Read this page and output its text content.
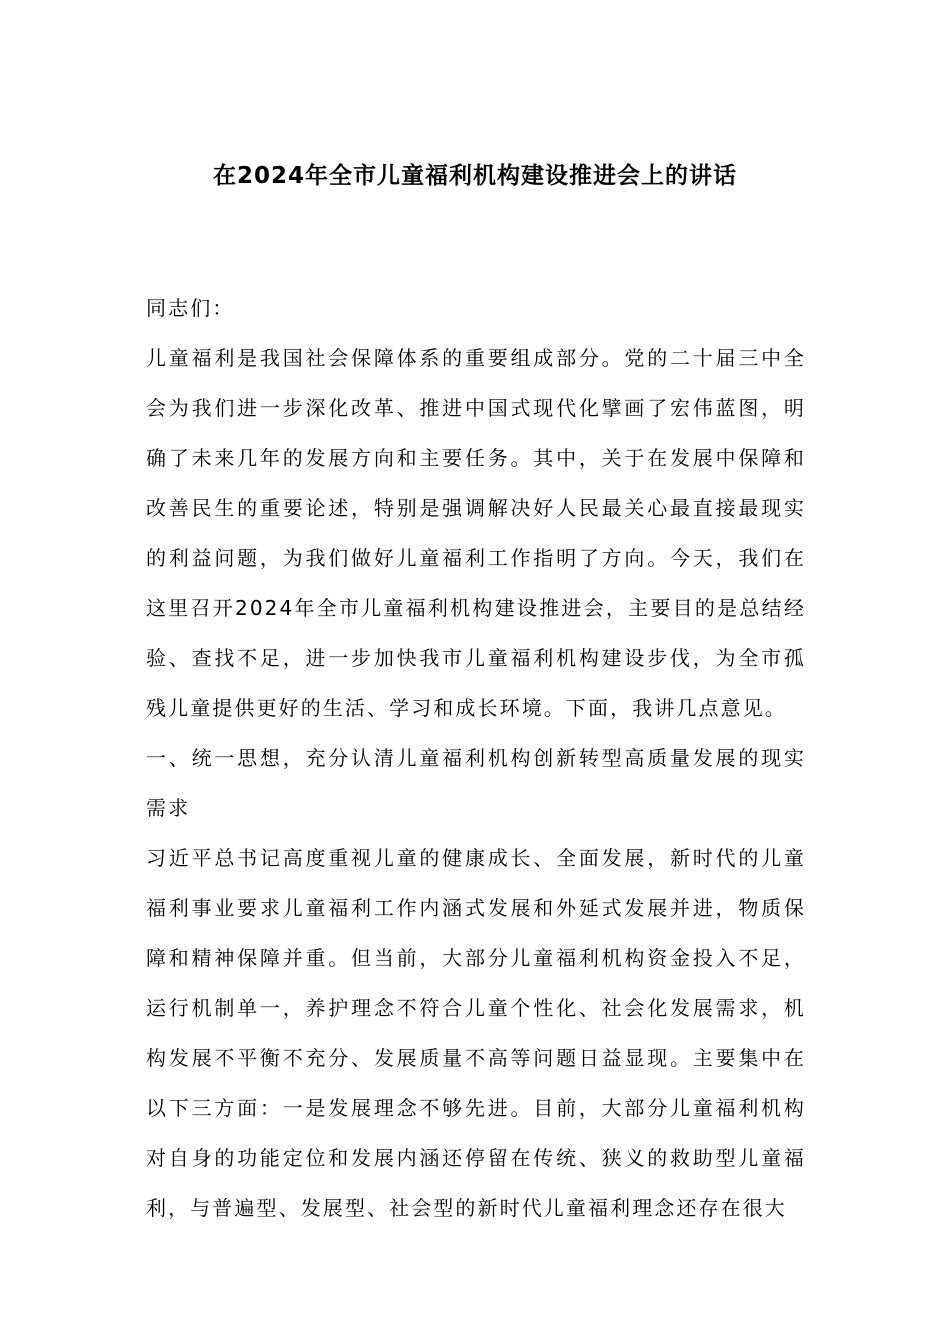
在2024年全市儿童福利机构建设推进会上的讲话

同志们：

儿童福利是我国社会保障体系的重要组成部分。党的二十届三中全会为我们进一步深化改革、推进中国式现代化擘画了宏伟蓝图，明确了未来几年的发展方向和主要任务。其中，关于在发展中保障和改善民生的重要论述，特别是强调解决好人民最关心最直接最现实的利益问题，为我们做好儿童福利工作指明了方向。今天，我们在这里召开2024年全市儿童福利机构建设推进会，主要目的是总结经验、查找不足，进一步加快我市儿童福利机构建设步伐，为全市孤残儿童提供更好的生活、学习和成长环境。下面，我讲几点意见。

一、统一思想，充分认清儿童福利机构创新转型高质量发展的现实需求

习近平总书记高度重视儿童的健康成长、全面发展，新时代的儿童福利事业要求儿童福利工作内涵式发展和外延式发展并进，物质保障和精神保障并重。但当前，大部分儿童福利机构资金投入不足，运行机制单一，养护理念不符合儿童个性化、社会化发展需求，机构发展不平衡不充分、发展质量不高等问题日益显现。主要集中在以下三方面：一是发展理念不够先进。目前，大部分儿童福利机构对自身的功能定位和发展内涵还停留在传统、狭义的救助型儿童福利，与普遍型、发展型、社会型的新时代儿童福利理念还存在很大
